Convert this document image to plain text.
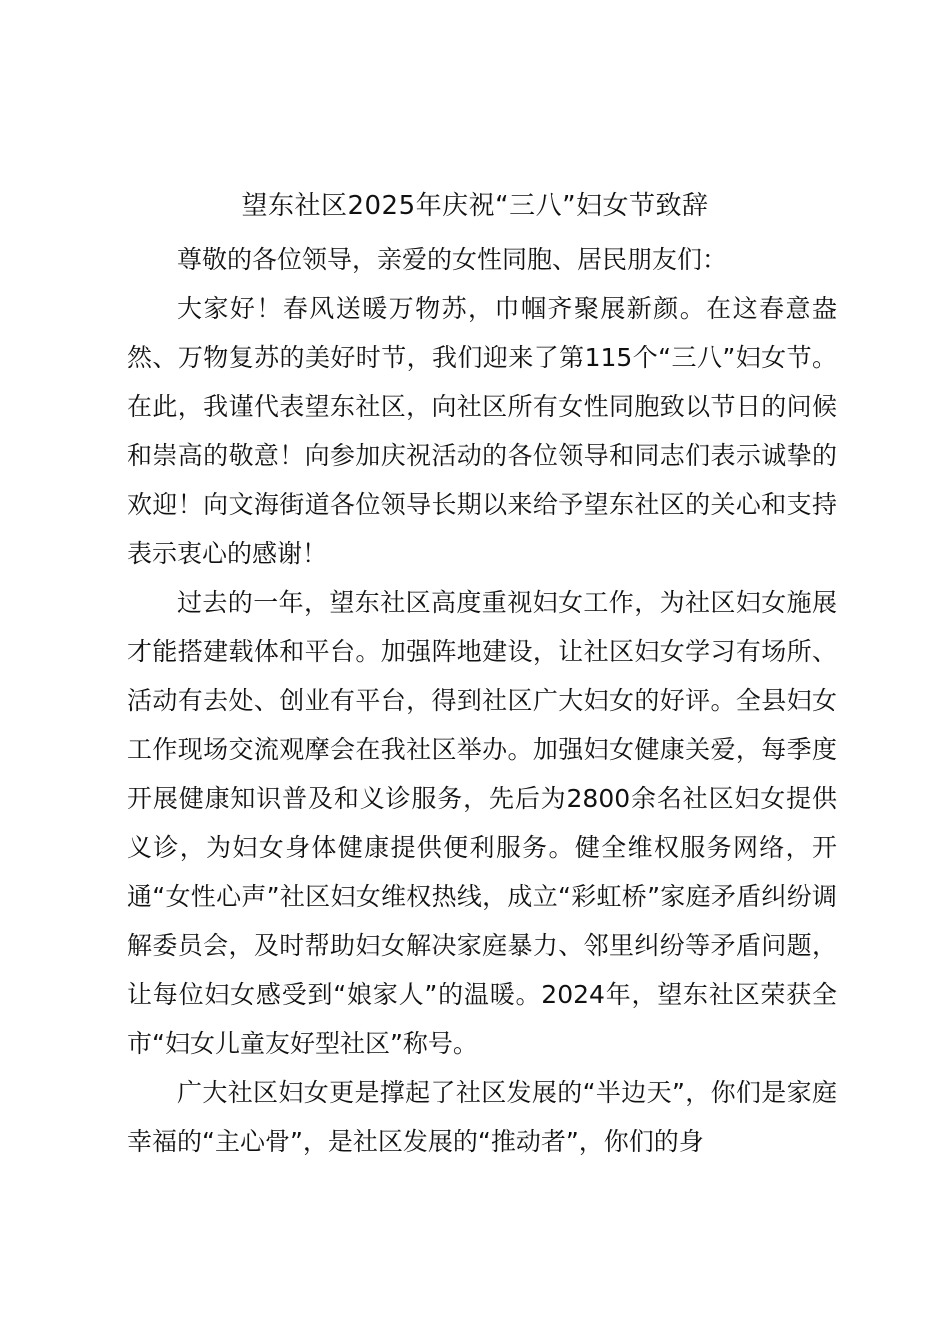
望东社区2025年庆祝“三八”妇女节致辞

尊敬的各位领导，亲爱的女性同胞、居民朋友们：

大家好！春风送暖万物苏，巾帼齐聚展新颜。在这春意盎然、万物复苏的美好时节，我们迎来了第115个“三八”妇女节。在此，我谨代表望东社区，向社区所有女性同胞致以节日的问候和崇高的敬意！向参加庆祝活动的各位领导和同志们表示诚挚的欢迎！向文海街道各位领导长期以来给予望东社区的关心和支持表示衷心的感谢！

过去的一年，望东社区高度重视妇女工作，为社区妇女施展才能搭建载体和平台。加强阵地建设，让社区妇女学习有场所、活动有去处、创业有平台，得到社区广大妇女的好评。全县妇女工作现场交流观摩会在我社区举办。加强妇女健康关爱，每季度开展健康知识普及和义诊服务，先后为2800余名社区妇女提供义诊，为妇女身体健康提供便利服务。健全维权服务网络，开通“女性心声”社区妇女维权热线，成立“彩虹桥”家庭矛盾纠纷调解委员会，及时帮助妇女解决家庭暴力、邻里纠纷等矛盾问题，让每位妇女感受到“娘家人”的温暖。2024年，望东社区荣获全市“妇女儿童友好型社区”称号。

广大社区妇女更是撑起了社区发展的“半边天”，你们是家庭幸福的“主心骨”，是社区发展的“推动者”，你们的身
